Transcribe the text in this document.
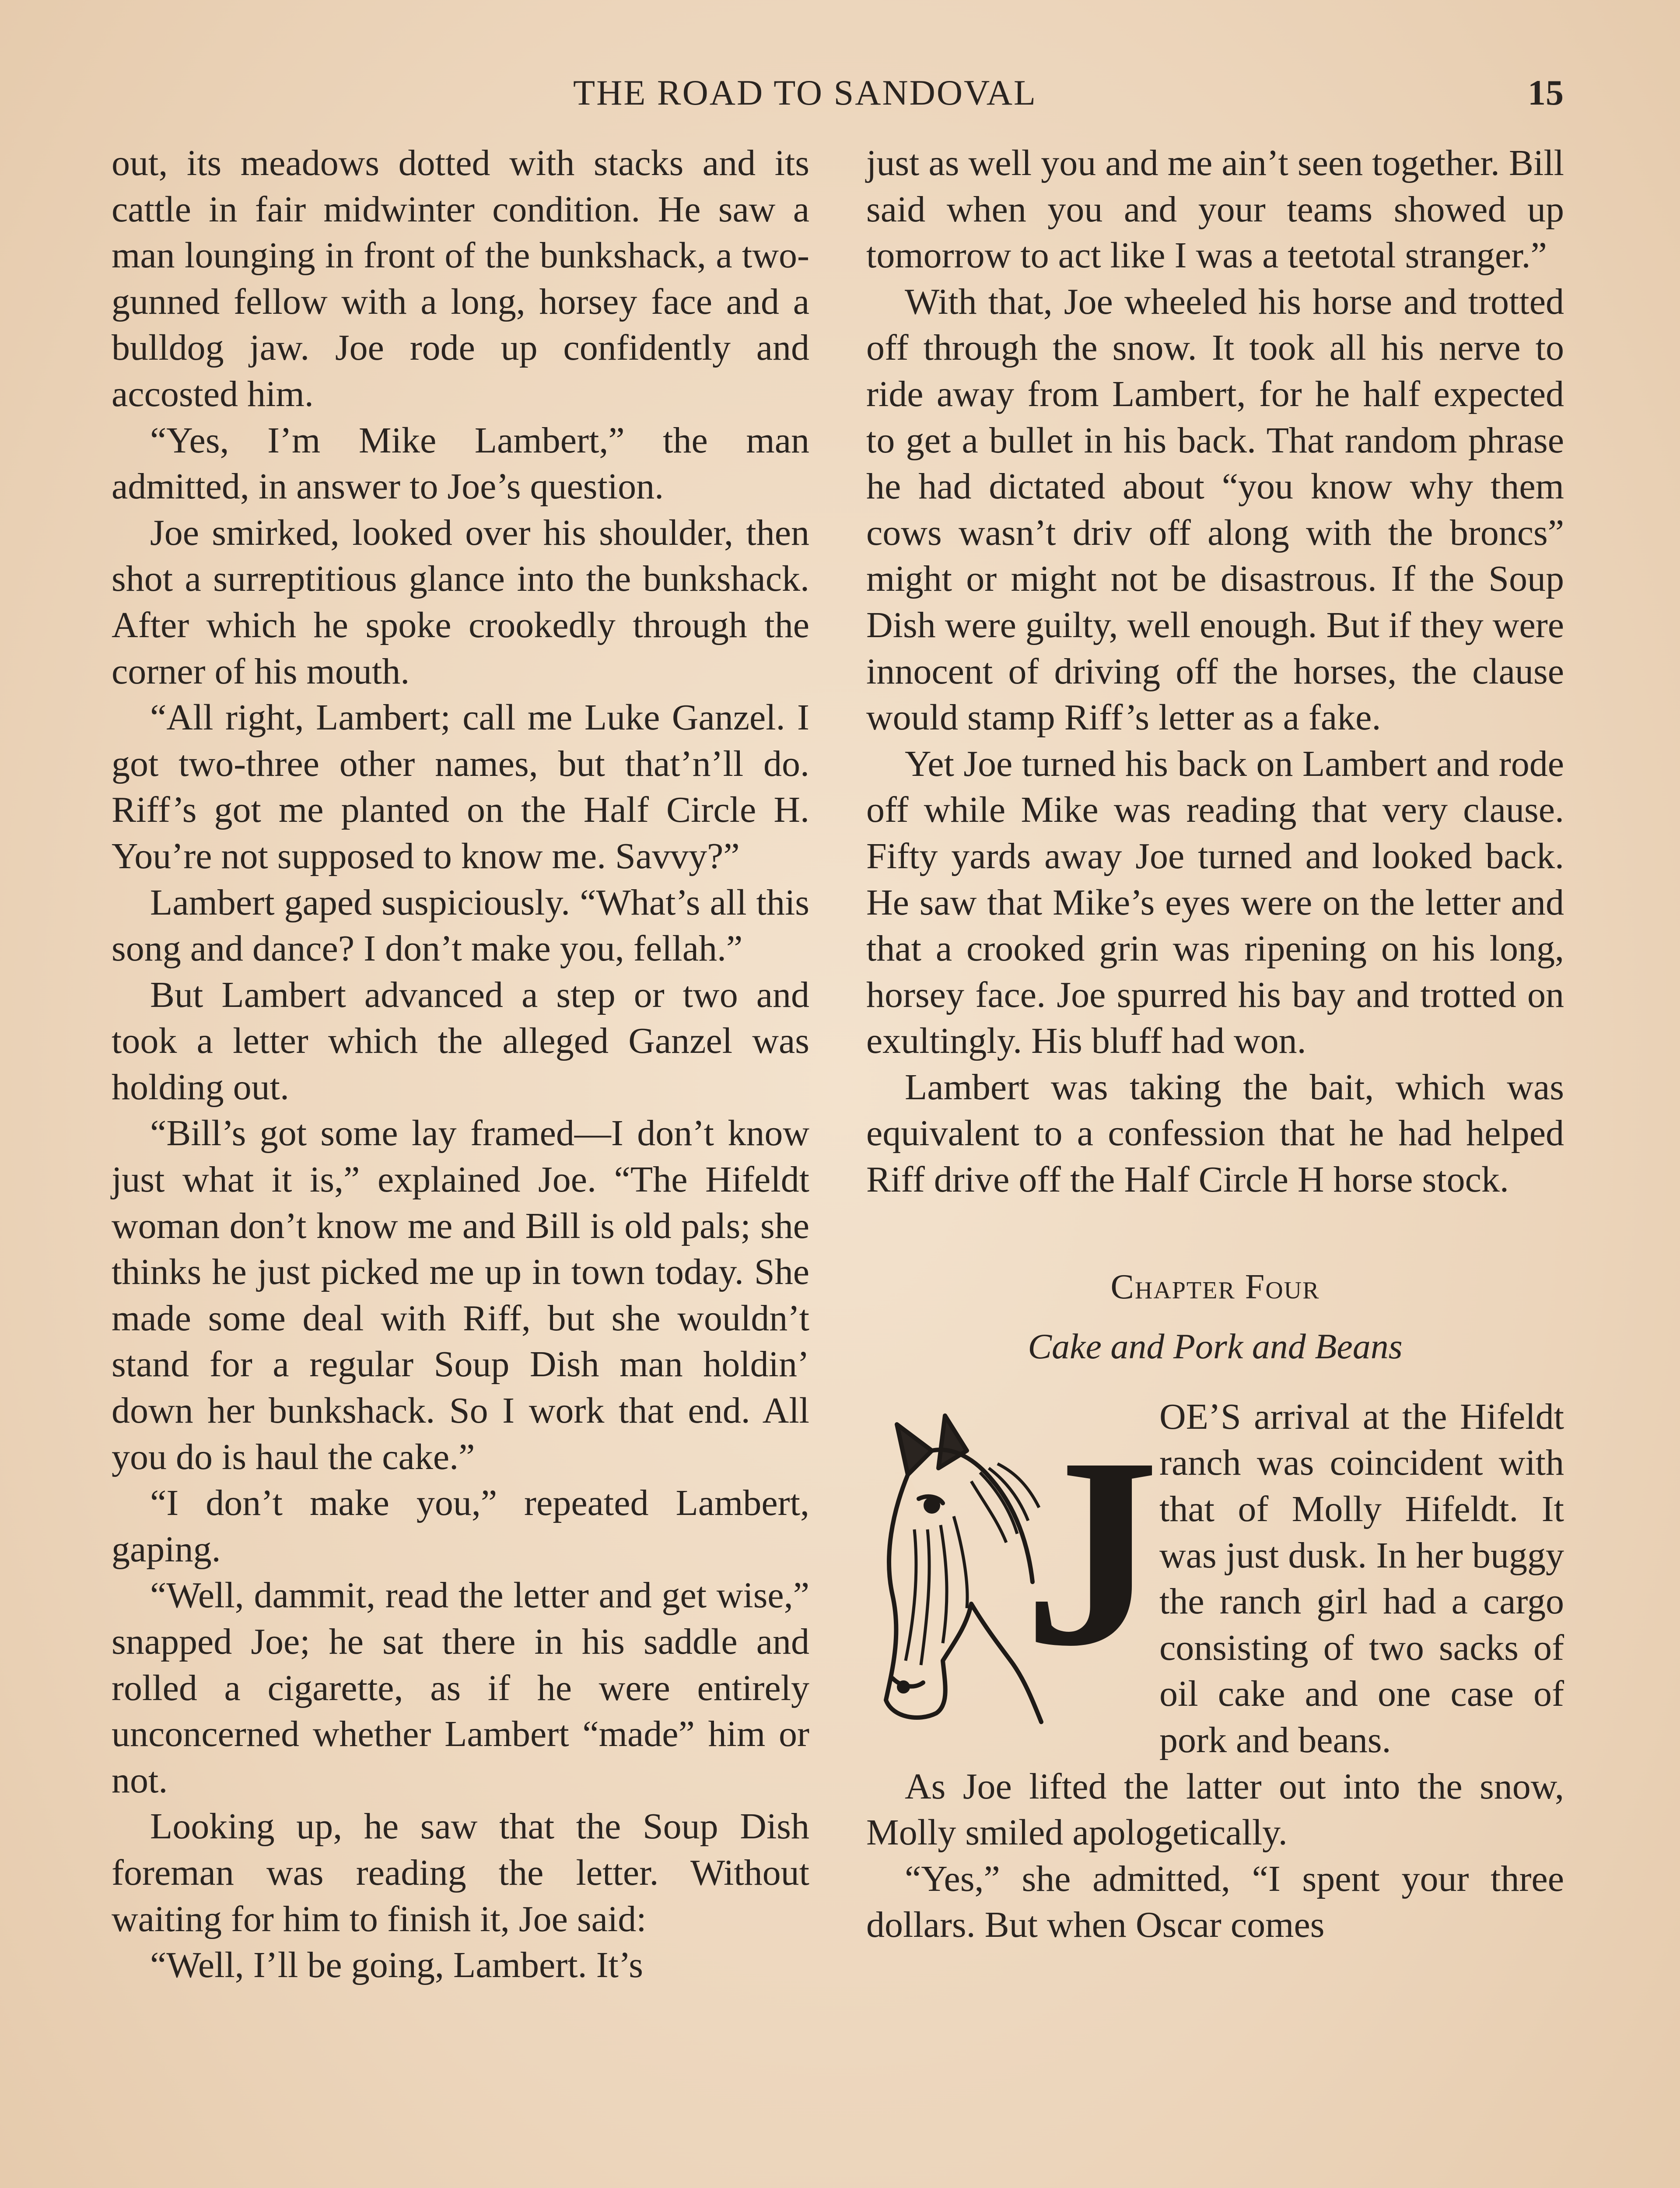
THE ROAD TO SANDOVAL	15

out, its meadows dotted with stacks and its cattle in fair midwinter condition. He saw a man lounging in front of the bunkshack, a two-gunned fellow with a long, horsey face and a bulldog jaw. Joe rode up confidently and accosted him.

“Yes, I’m Mike Lambert,” the man admitted, in answer to Joe’s question.

Joe smirked, looked over his shoulder, then shot a surreptitious glance into the bunkshack. After which he spoke crookedly through the corner of his mouth.

“All right, Lambert; call me Luke Ganzel. I got two-three other names, but that’n’ll do. Riff’s got me planted on the Half Circle H. You’re not supposed to know me. Savvy?”

Lambert gaped suspiciously. “What’s all this song and dance? I don’t make you, fellah.”

But Lambert advanced a step or two and took a letter which the alleged Ganzel was holding out.

“Bill’s got some lay framed—I don’t know just what it is,” explained Joe. “The Hifeldt woman don’t know me and Bill is old pals; she thinks he just picked me up in town today. She made some deal with Riff, but she wouldn’t stand for a regular Soup Dish man holdin’ down her bunkshack. So I work that end. All you do is haul the cake.”

“I don’t make you,” repeated Lambert, gaping.

“Well, dammit, read the letter and get wise,” snapped Joe; he sat there in his saddle and rolled a cigarette, as if he were entirely unconcerned whether Lambert “made” him or not.

Looking up, he saw that the Soup Dish foreman was reading the letter. Without waiting for him to finish it, Joe said:

“Well, I’ll be going, Lambert. It’s

just as well you and me ain’t seen together. Bill said when you and your teams showed up tomorrow to act like I was a teetotal stranger.”

With that, Joe wheeled his horse and trotted off through the snow. It took all his nerve to ride away from Lambert, for he half expected to get a bullet in his back. That random phrase he had dictated about “you know why them cows wasn’t driv off along with the broncs” might or might not be disastrous. If the Soup Dish were guilty, well enough. But if they were innocent of driving off the horses, the clause would stamp Riff’s letter as a fake.

Yet Joe turned his back on Lambert and rode off while Mike was reading that very clause. Fifty yards away Joe turned and looked back. He saw that Mike’s eyes were on the letter and that a crooked grin was ripening on his long, horsey face. Joe spurred his bay and trotted on exultingly. His bluff had won.

Lambert was taking the bait, which was equivalent to a confession that he had helped Riff drive off the Half Circle H horse stock.

Chapter Four
Cake and Pork and Beans
J OE’S arrival at the Hifeldt ranch was coincident with that of Molly Hifeldt. It was just dusk. In her buggy the ranch girl had a cargo consisting of two sacks of oil cake and one case of pork and beans.

As Joe lifted the latter out into the snow, Molly smiled apologetically.

“Yes,” she admitted, “I spent your three dollars. But when Oscar comes
